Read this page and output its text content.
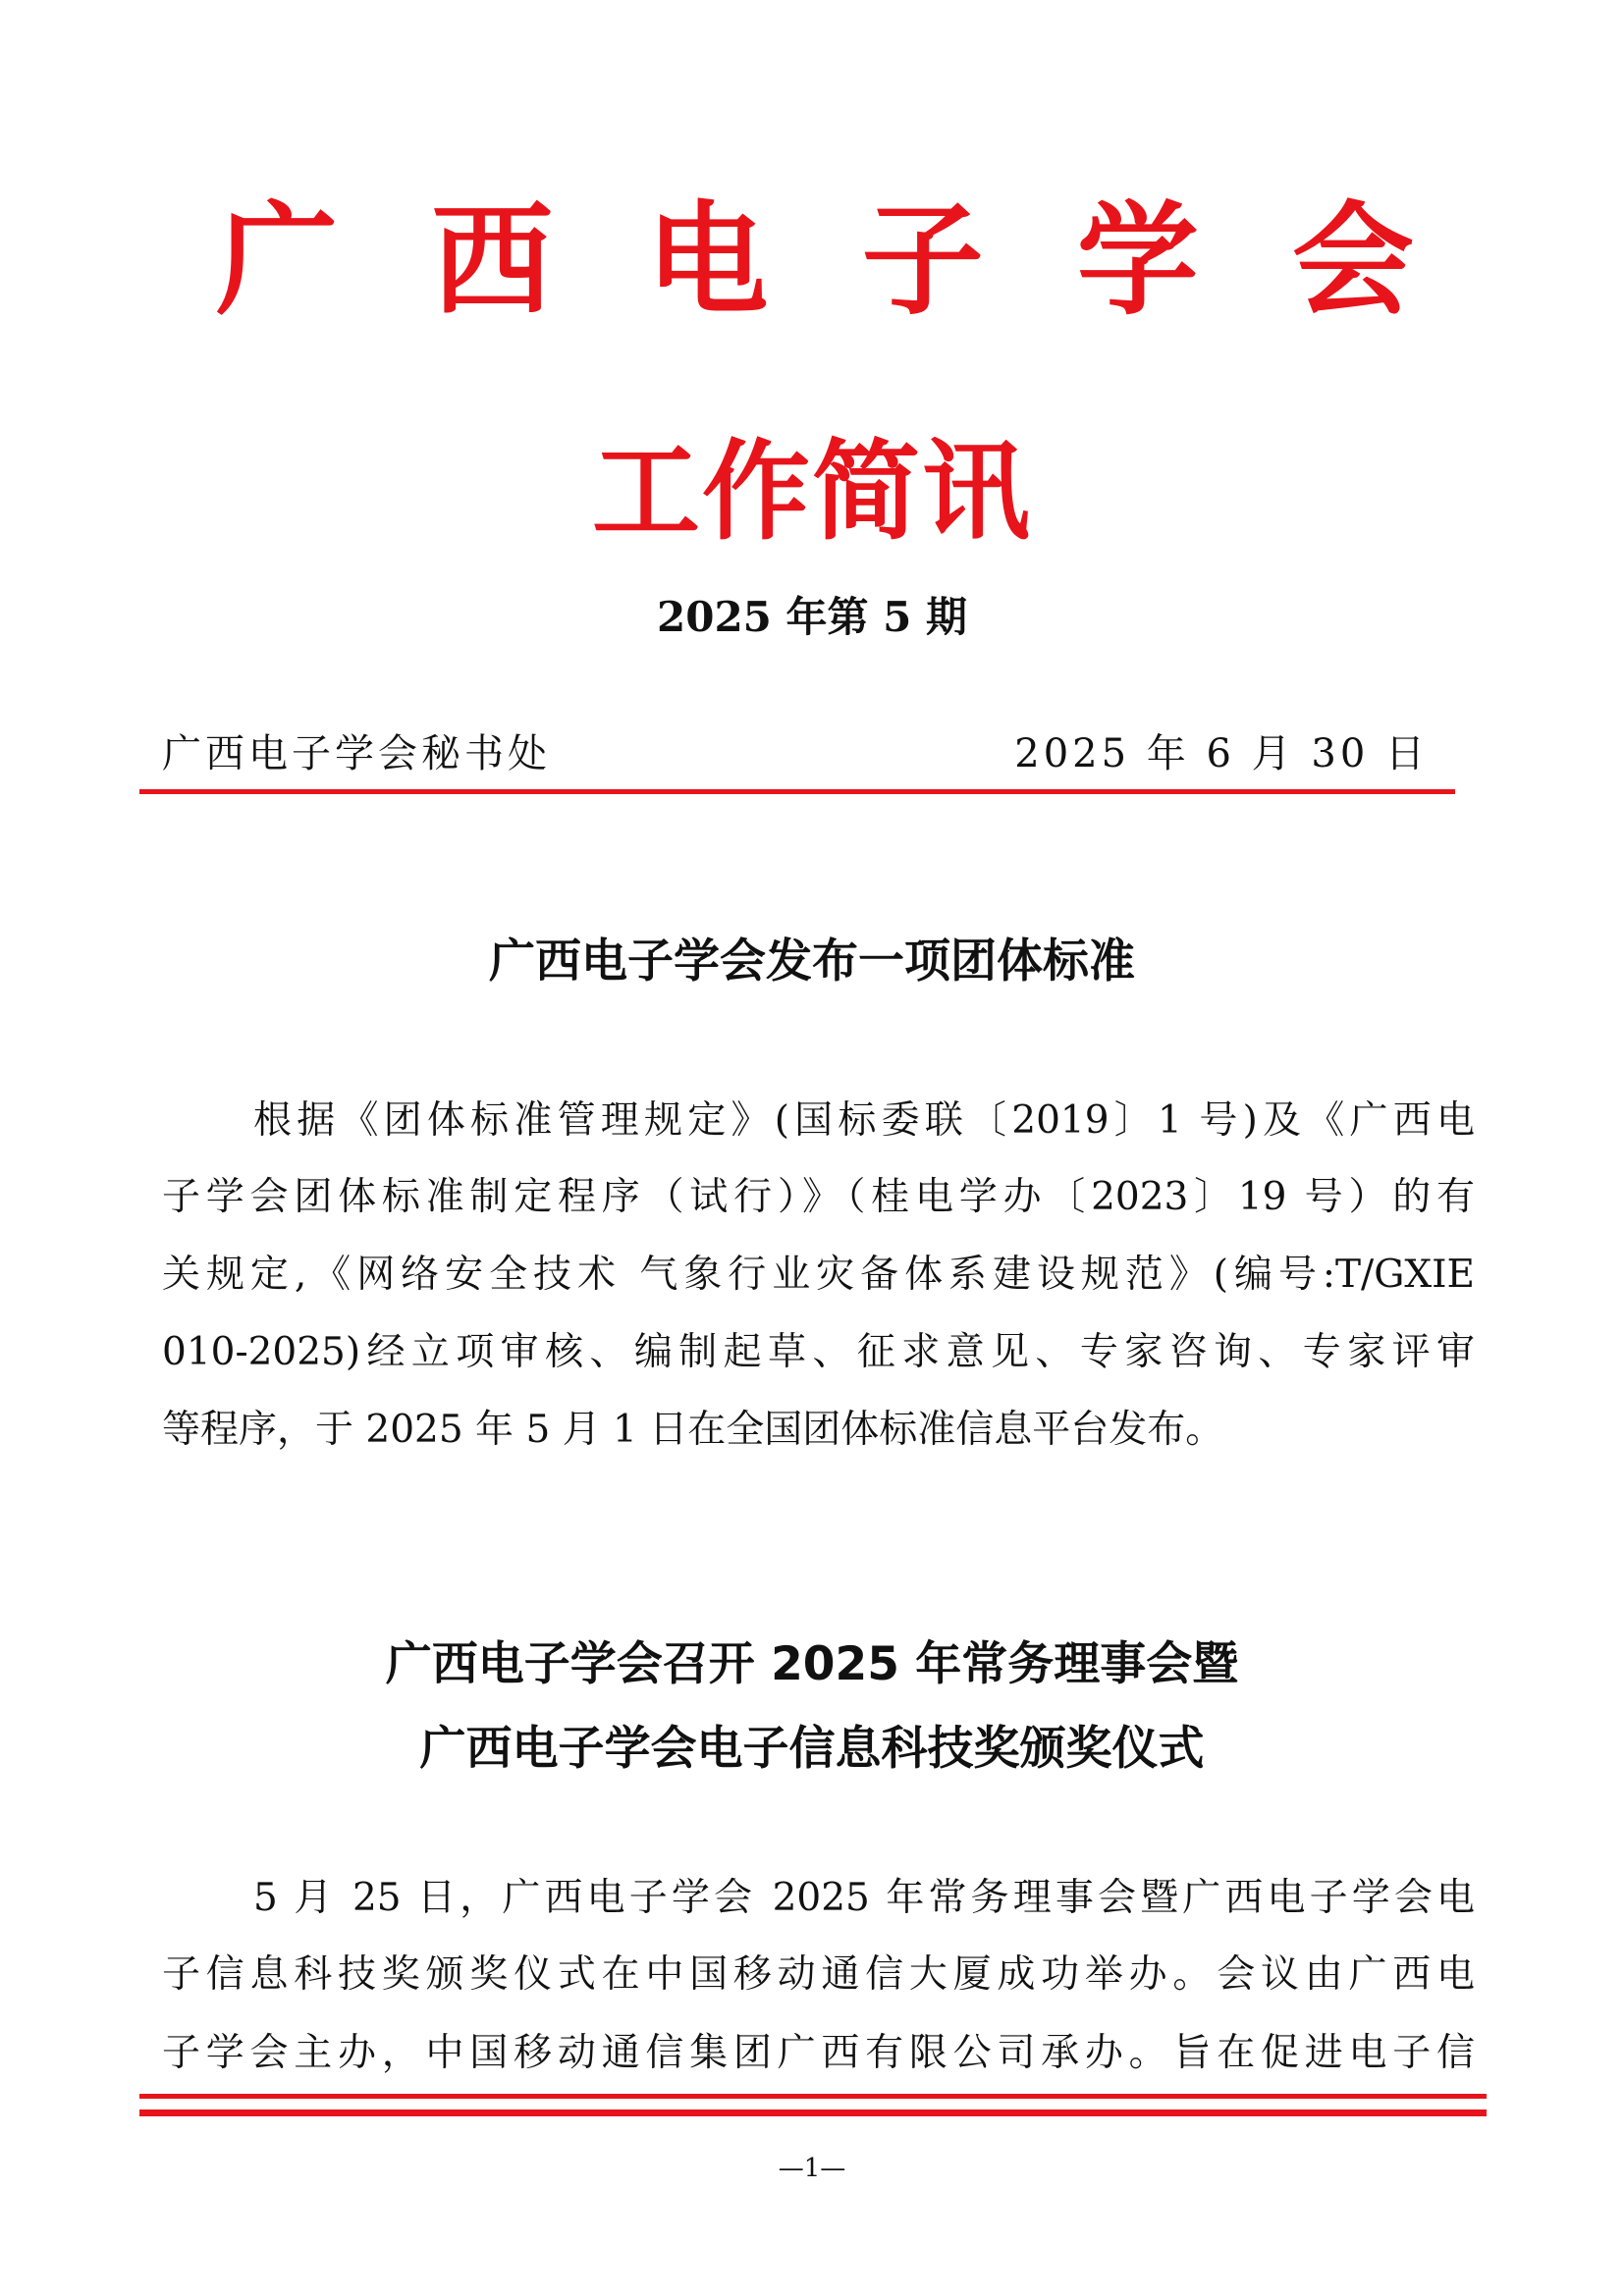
广 西 电 子 学 会
工作简讯
2025 年第 5 期
广西电子学会秘书处	2025 年 6 月 30 日
广西电子学会发布一项团体标准
根据《团体标准管理规定》(国标委联〔2019〕1 号)及《广西电
子学会团体标准制定程序（试行）》（桂电学办〔2023〕19 号）的有
关规定,《网络安全技术 气象行业灾备体系建设规范》(编号:T/GXIE
010-2025)经立项审核、编制起草、征求意见、专家咨询、专家评审
等程序，于 2025 年 5 月 1 日在全国团体标准信息平台发布。
广西电子学会召开 2025 年常务理事会暨
广西电子学会电子信息科技奖颁奖仪式
5 月 25 日，广西电子学会 2025 年常务理事会暨广西电子学会电
子信息科技奖颁奖仪式在中国移动通信大厦成功举办。会议由广西电
子学会主办，中国移动通信集团广西有限公司承办。旨在促进电子信
—1—
